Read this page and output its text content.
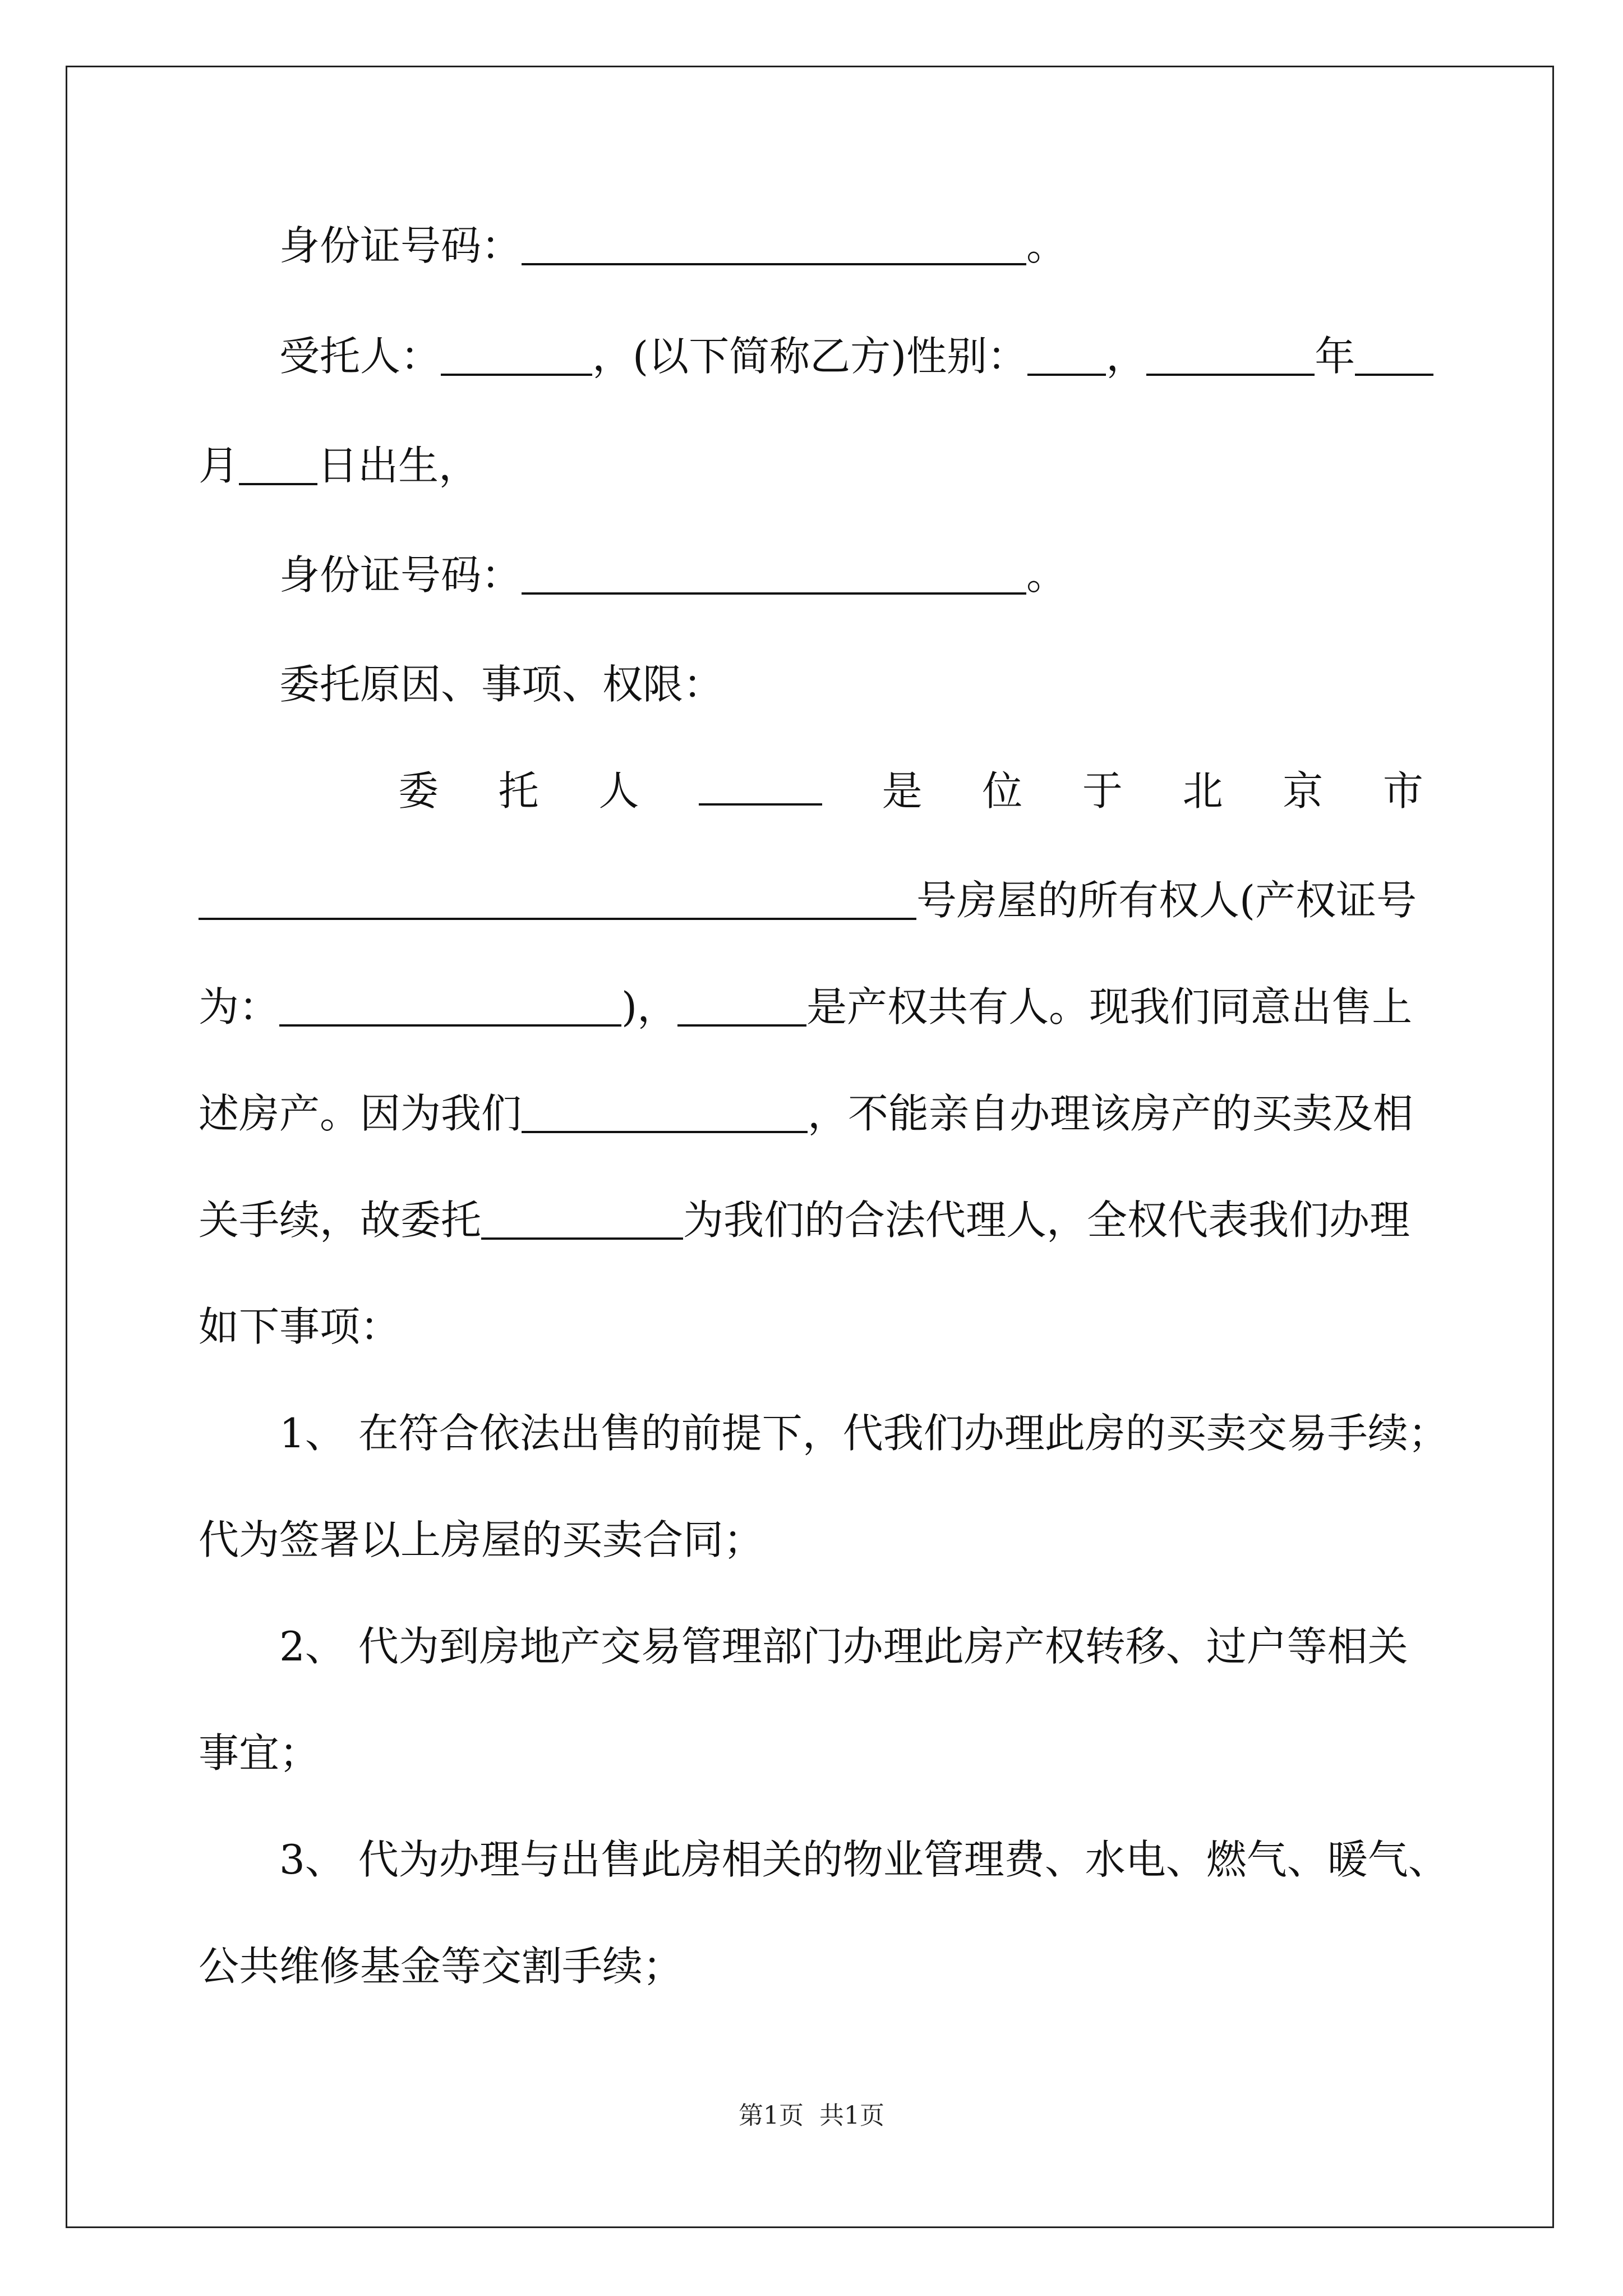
身份证号码：	。
受托人：	，(以下简称乙方)性别： ，	年
月 日出生，
身份证号码：	。
委托原因、事项、权限：
委 托 人	是 位 于 北 京 市
号房屋的所有权人(产权证号
为：	)，	是产权共有人。现我们同意出售上
述房产。因为我们	，不能亲自办理该房产的买卖及相
关手续，故委托	为我们的合法代理人，全权代表我们办理
如下事项：
1、 在符合依法出售的前提下，代我们办理此房的买卖交易手续；
代为签署以上房屋的买卖合同；
2、 代为到房地产交易管理部门办理此房产权转移、过户等相关
事宜；
3、 代为办理与出售此房相关的物业管理费、水电、燃气、暖气、
公共维修基金等交割手续；
第1页 共1页
